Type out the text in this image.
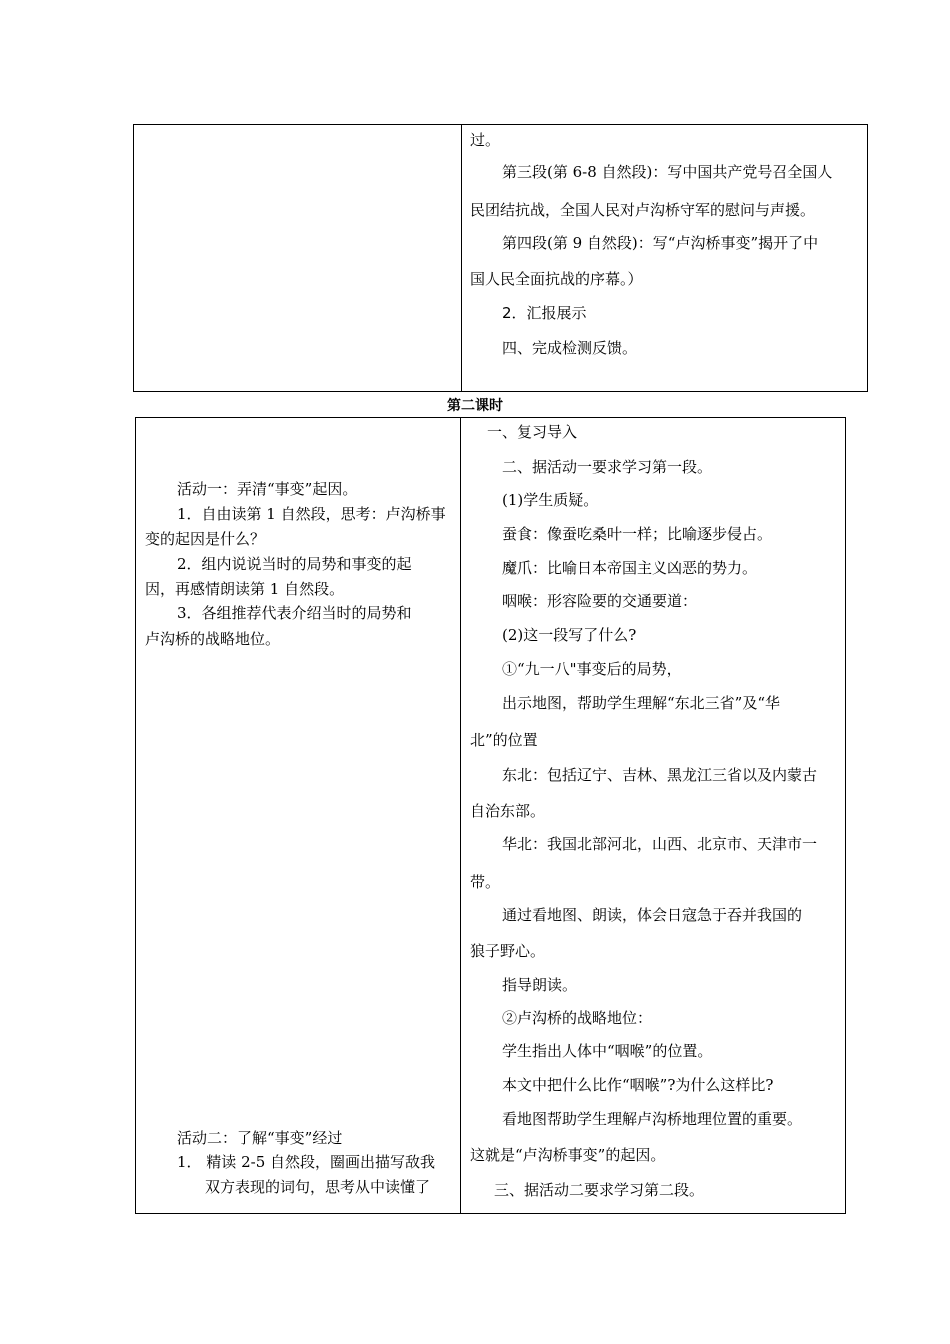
过。
第三段(第 6-8 自然段)：写中国共产党号召全国人
民团结抗战，全国人民对卢沟桥守军的慰问与声援。
第四段(第 9 自然段)：写“卢沟桥事变”揭开了中
国人民全面抗战的序幕。）
2．汇报展示
四、完成检测反馈。
第二课时
活动一：弄清“事变”起因。
1．自由读第 1 自然段，思考：卢沟桥事
变的起因是什么？
2．组内说说当时的局势和事变的起
因，再感情朗读第 1 自然段。
3．各组推荐代表介绍当时的局势和
卢沟桥的战略地位。
活动二：了解“事变”经过
1． 精读 2-5 自然段，圈画出描写敌我
双方表现的词句，思考从中读懂了
一、复习导入
二、据活动一要求学习第一段。
(1)学生质疑。
蚕食：像蚕吃桑叶一样；比喻逐步侵占。
魔爪：比喻日本帝国主义凶恶的势力。
咽喉：形容险要的交通要道：
(2)这一段写了什么?
①“九一八"事变后的局势，
出示地图，帮助学生理解“东北三省”及“华
北”的位置
东北：包括辽宁、吉林、黑龙江三省以及内蒙古
自治东部。
华北：我国北部河北，山西、北京市、天津市一
带。
通过看地图、朗读，体会日寇急于吞并我国的
狼子野心。
指导朗读。
②卢沟桥的战略地位：
学生指出人体中“咽喉”的位置。
本文中把什么比作“咽喉”?为什么这样比?
看地图帮助学生理解卢沟桥地理位置的重要。
这就是“卢沟桥事变”的起因。
三、据活动二要求学习第二段。
